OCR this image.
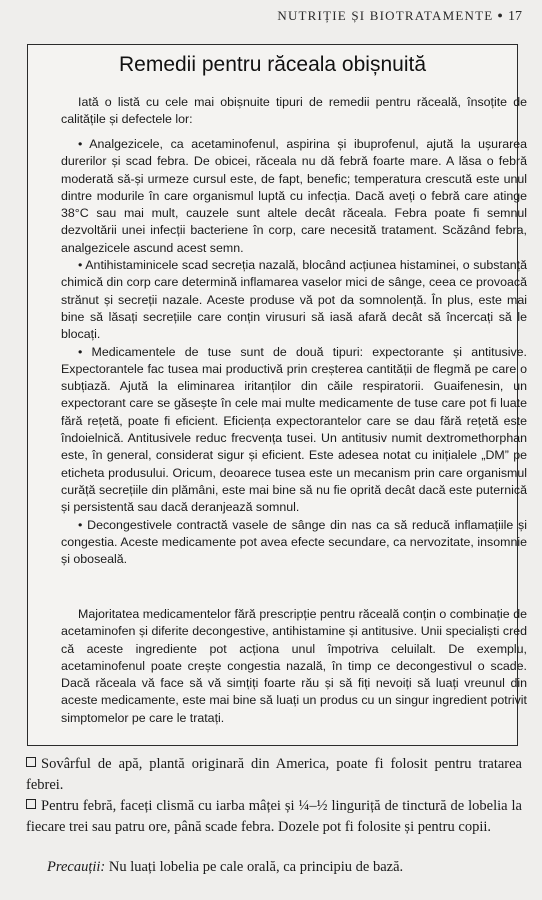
NUTRIȚIE ȘI BIOTRATAMENTE ● 17
Remedii pentru răceala obișnuită

Iată o listă cu cele mai obișnuite tipuri de remedii pentru răceală, însoțite de calitățile și defectele lor:

• Analgezicele, ca acetaminofenul, aspirina și ibuprofenul, ajută la ușurarea durerilor și scad febra. De obicei, răceala nu dă febră foarte mare. A lăsa o febră moderată să-și urmeze cursul este, de fapt, benefic; temperatura crescută este unul dintre modurile în care organismul luptă cu infecția. Dacă aveți o febră care atinge 38°C sau mai mult, cauzele sunt altele decât răceala. Febra poate fi semnul dezvoltării unei infecții bacteriene în corp, care necesită tratament. Scăzând febra, analgezicele ascund acest semn.

• Antihistaminicele scad secreția nazală, blocând acțiunea histaminei, o substanță chimică din corp care determină inflamarea vaselor mici de sânge, ceea ce provoacă strănut și secreții nazale. Aceste produse vă pot da somnolență. În plus, este mai bine să lăsați secrețiile care conțin virusuri să iasă afară decât să încercați să le blocați.

• Medicamentele de tuse sunt de două tipuri: expectorante și antitusive. Expectorantele fac tusea mai productivă prin creșterea cantității de flegmă pe care o subțiază. Ajută la eliminarea iritanților din căile respiratorii. Guaifenesin, un expectorant care se găsește în cele mai multe medicamente de tuse care pot fi luate fără rețetă, poate fi eficient. Eficiența expectorantelor care se dau fără rețetă este îndoielnică. Antitusivele reduc frecvența tusei. Un antitusiv numit dextromethorphan este, în general, considerat sigur și eficient. Este adesea notat cu inițialele „DM” pe eticheta produsului. Oricum, deoarece tusea este un mecanism prin care organismul curăță secrețiile din plămâni, este mai bine să nu fie oprită decât dacă este puternică și persistentă sau dacă deranjează somnul.

• Decongestivele contractă vasele de sânge din nas ca să reducă inflamațiile și congestia. Aceste medicamente pot avea efecte secundare, ca nervozitate, insomnie și oboseală.

Majoritatea medicamentelor fără prescripție pentru răceală conțin o combinație de acetaminofen și diferite decongestive, antihistamine și antitusive. Unii specialiști cred că aceste ingrediente pot acționa unul împotriva celuilalt. De exemplu, acetaminofenul poate crește congestia nazală, în timp ce decongestivul o scade. Dacă răceala vă face să vă simțiți foarte rău și să fiți nevoiți să luați vreunul din aceste medicamente, este mai bine să luați un produs cu un singur ingredient potrivit simptomelor pe care le tratați.

Sovârful de apă, plantă originară din America, poate fi folosit pentru tratarea febrei.

Pentru febră, faceți clismă cu iarba mâței și ¼–½ linguriță de tinctură de lobelia la fiecare trei sau patru ore, până scade febra. Dozele pot fi folosite și pentru copii.

Precauții: Nu luați lobelia pe cale orală, ca principiu de bază.
